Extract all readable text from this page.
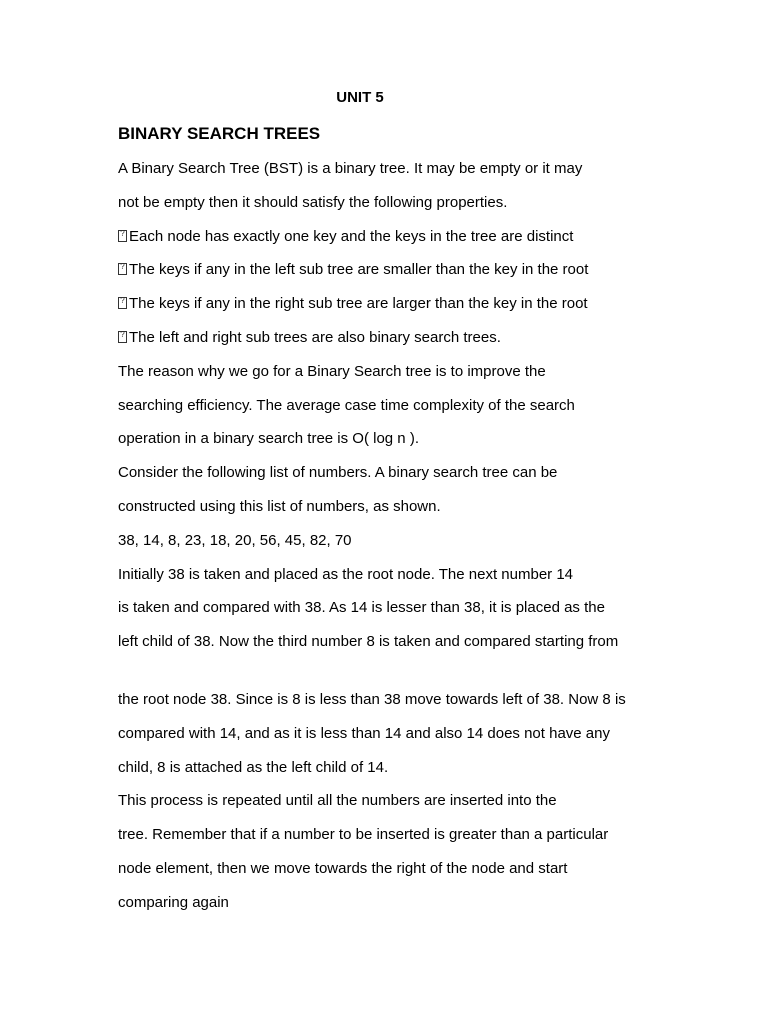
UNIT 5
BINARY SEARCH TREES
A Binary Search Tree (BST) is a binary tree. It may be empty or it may
not be empty then it should satisfy the following properties.
?Each node has exactly one key and the keys in the tree are distinct
?The keys if any in the left sub tree are smaller than the key in the root
?The keys if any in the right sub tree are larger than the key in the root
?The left and right sub trees are also binary search trees.
The reason why we go for a Binary Search tree is to improve the
searching efficiency. The average case time complexity of the search
operation in a binary search tree is O( log n ).
Consider the following list of numbers. A binary search tree can be
constructed using this list of numbers, as shown.
38, 14, 8, 23, 18, 20, 56, 45, 82, 70
Initially 38 is taken and placed as the root node. The next number 14
is taken and compared with 38. As 14 is lesser than 38, it is placed as the
left child of 38. Now the third number 8 is taken and compared starting from
the root node 38. Since is 8 is less than 38 move towards left of 38. Now 8 is
compared with 14, and as it is less than 14 and also 14 does not have any
child, 8 is attached as the left child of 14.
This process is repeated until all the numbers are inserted into the
tree. Remember that if a number to be inserted is greater than a particular
node element, then we move towards the right of the node and start
comparing again
